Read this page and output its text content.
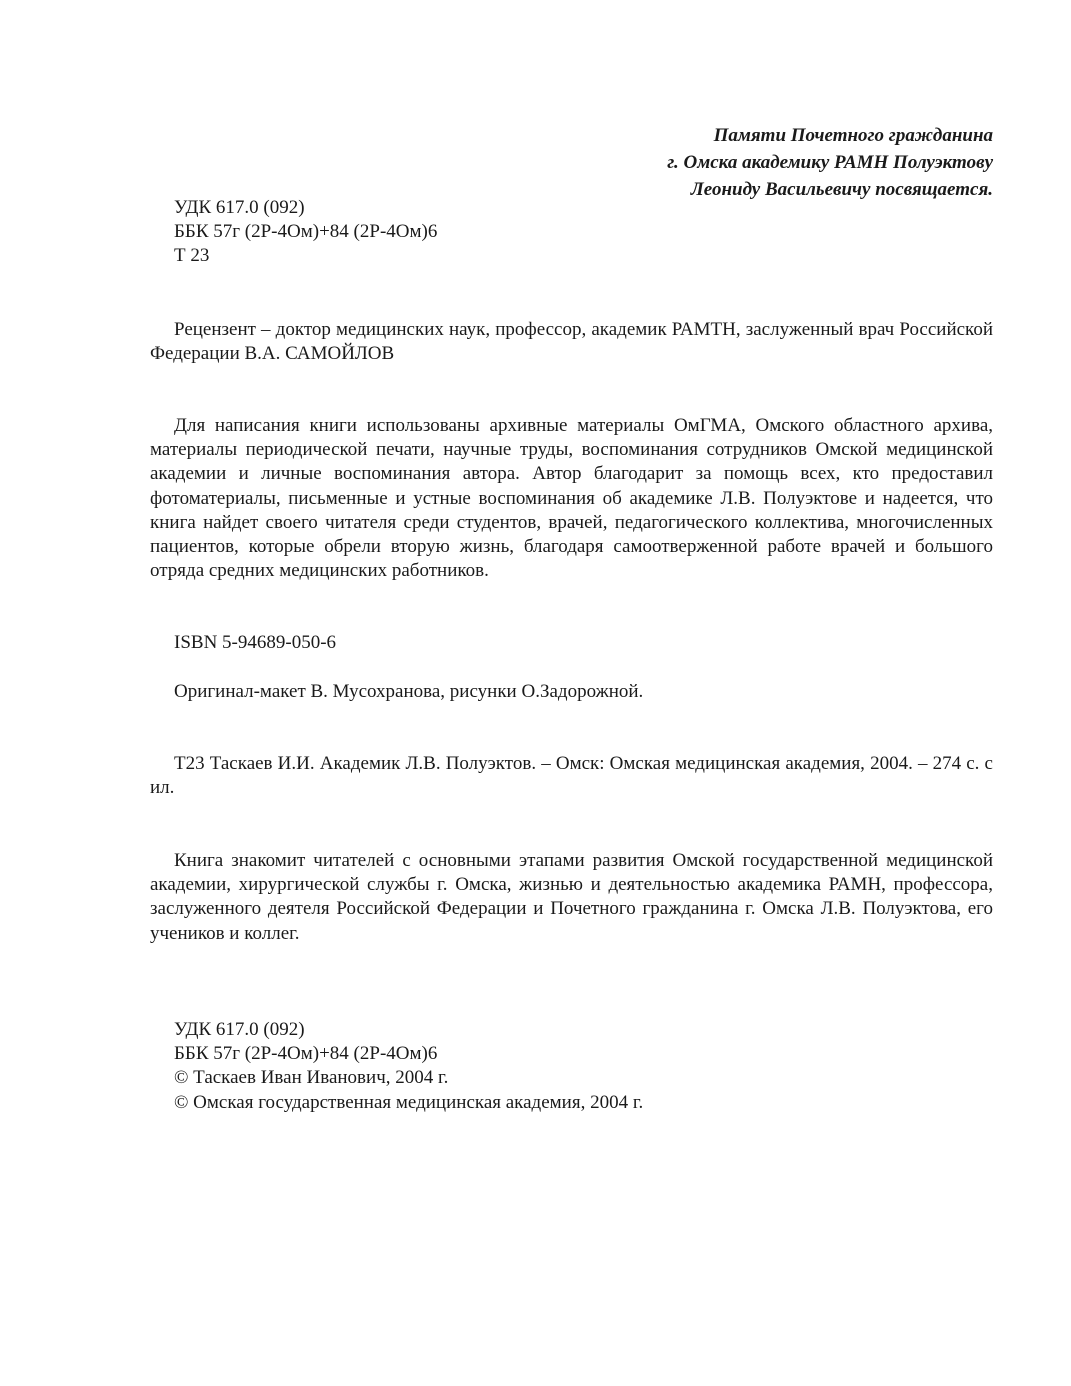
Памяти Почетного гражданина
г. Омска академику РАМН Полуэктову
Леониду Васильевичу посвящается.
УДК 617.0 (092)
ББК 57г (2Р-4Ом)+84 (2Р-4Ом)6
Т 23

Рецензент – доктор медицинских наук, профессор, академик РАМТН, заслуженный врач Российской Федерации В.А. САМОЙЛОВ

Для написания книги использованы архивные материалы ОмГМА, Омского областного архива, материалы периодической печати, научные труды, воспоминания сотрудников Омской медицинской академии и личные воспоминания автора. Автор благодарит за помощь всех, кто предоставил фотоматериалы, письменные и устные воспоминания об академике Л.В. Полуэктове и надеется, что книга найдет своего читателя среди студентов, врачей, педагогического коллектива, многочисленных пациентов, которые обрели вторую жизнь, благодаря самоотверженной работе врачей и большого отряда средних медицинских работников.

ISBN 5-94689-050-6
Оригинал-макет В. Мусохранова, рисунки О.Задорожной.

Т23 Таскаев И.И. Академик Л.В. Полуэктов. – Омск: Омская медицинская академия, 2004. – 274 с. с ил.

Книга знакомит читателей с основными этапами развития Омской государственной медицинской академии, хирургической службы г. Омска, жизнью и деятельностью академика РАМН, профессора, заслуженного деятеля Российской Федерации и Почетного гражданина г. Омска Л.В. Полуэктова, его учеников и коллег.

УДК 617.0 (092)
ББК 57г (2Р-4Ом)+84 (2Р-4Ом)6
© Таскаев Иван Иванович, 2004 г.
© Омская государственная медицинская академия, 2004 г.
